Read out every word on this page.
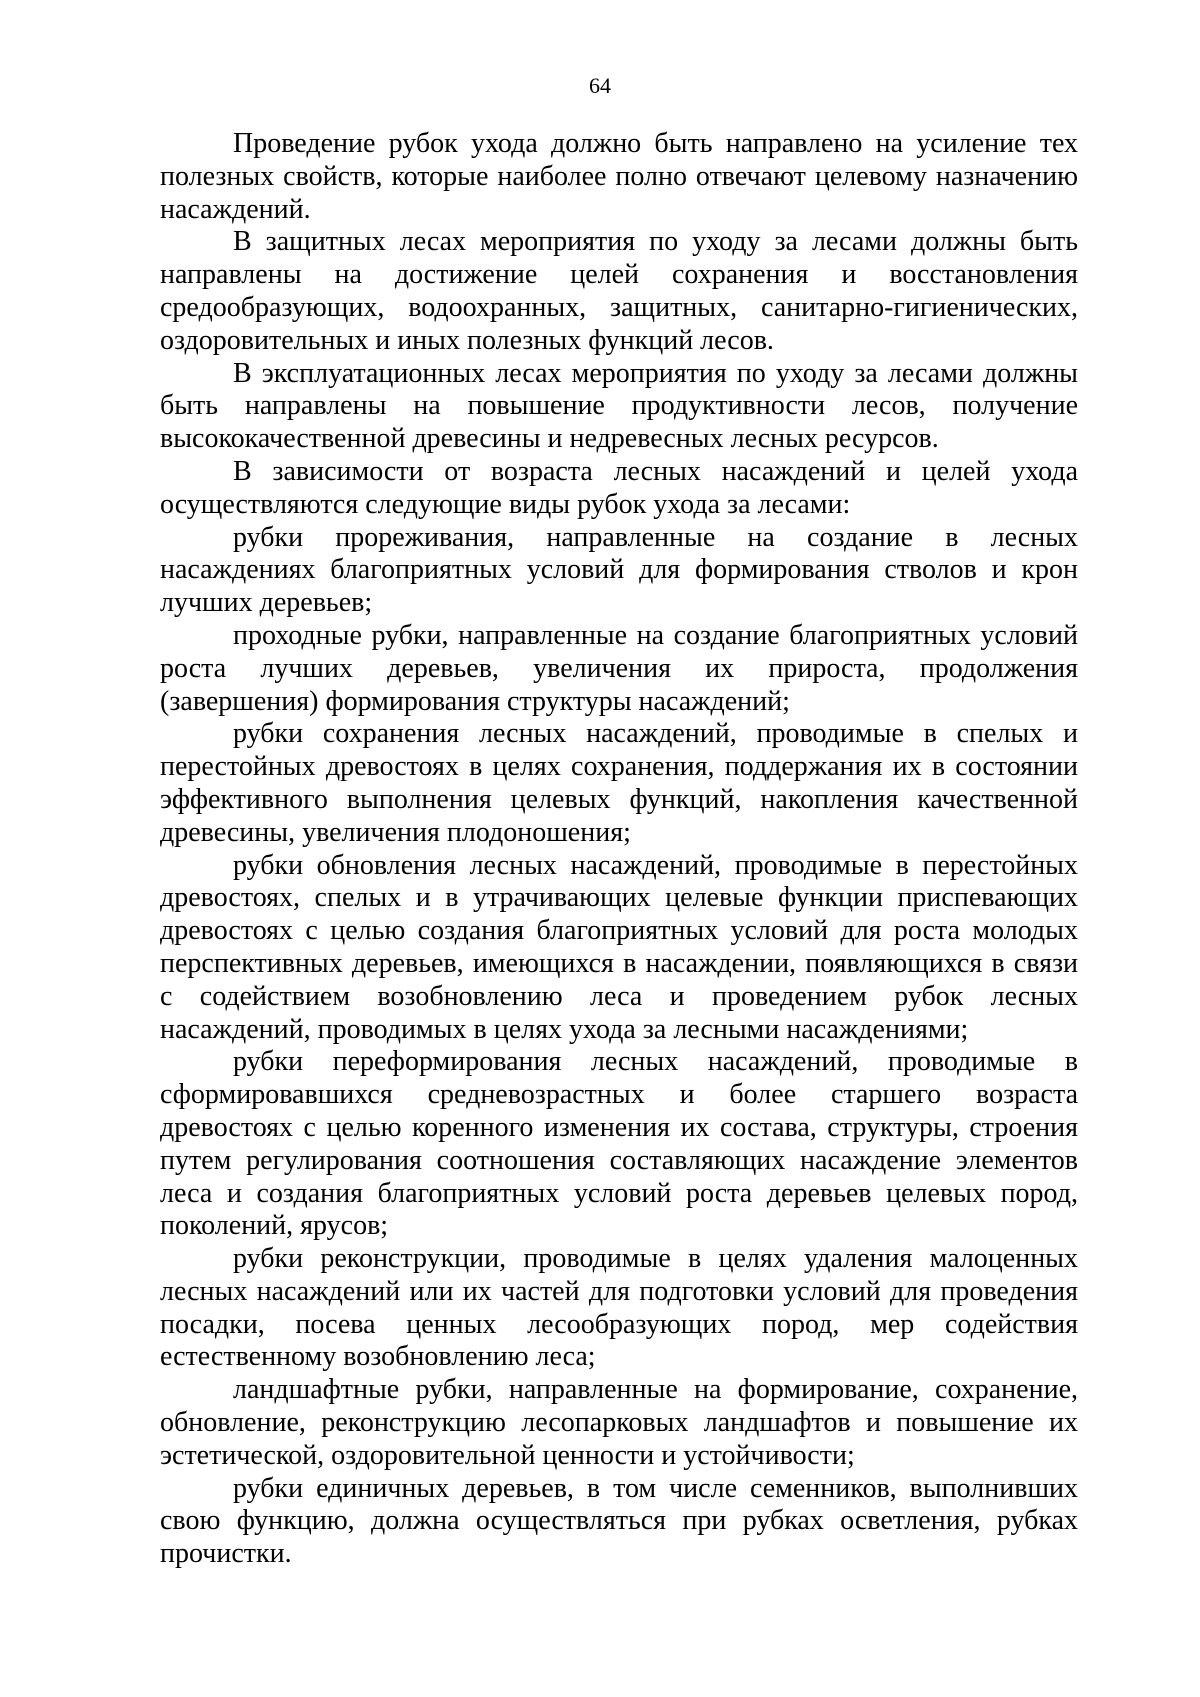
64

Проведение рубок ухода должно быть направлено на усиление тех полезных свойств, которые наиболее полно отвечают целевому назначению насаждений.

В защитных лесах мероприятия по уходу за лесами должны быть направлены на достижение целей сохранения и восстановления средообразующих, водоохранных, защитных, санитарно-гигиенических, оздоровительных и иных полезных функций лесов.

В эксплуатационных лесах мероприятия по уходу за лесами должны быть направлены на повышение продуктивности лесов, получение высококачественной древесины и недревесных лесных ресурсов.

В зависимости от возраста лесных насаждений и целей ухода осуществляются следующие виды рубок ухода за лесами:

рубки прореживания, направленные на создание в лесных насаждениях благоприятных условий для формирования стволов и крон лучших деревьев;

проходные рубки, направленные на создание благоприятных условий роста лучших деревьев, увеличения их прироста, продолжения (завершения) формирования структуры насаждений;

рубки сохранения лесных насаждений, проводимые в спелых и перестойных древостоях в целях сохранения, поддержания их в состоянии эффективного выполнения целевых функций, накопления качественной древесины, увеличения плодоношения;

рубки обновления лесных насаждений, проводимые в перестойных древостоях, спелых и в утрачивающих целевые функции приспевающих древостоях с целью создания благоприятных условий для роста молодых перспективных деревьев, имеющихся в насаждении, появляющихся в связи с содействием возобновлению леса и проведением рубок лесных насаждений, проводимых в целях ухода за лесными насаждениями;

рубки переформирования лесных насаждений, проводимые в сформировавшихся средневозрастных и более старшего возраста древостоях с целью коренного изменения их состава, структуры, строения путем регулирования соотношения составляющих насаждение элементов леса и создания благоприятных условий роста деревьев целевых пород, поколений, ярусов;

рубки реконструкции, проводимые в целях удаления малоценных лесных насаждений или их частей для подготовки условий для проведения посадки, посева ценных лесообразующих пород, мер содействия естественному возобновлению леса;

ландшафтные рубки, направленные на формирование, сохранение, обновление, реконструкцию лесопарковых ландшафтов и повышение их эстетической, оздоровительной ценности и устойчивости;

рубки единичных деревьев, в том числе семенников, выполнивших свою функцию, должна осуществляться при рубках осветления, рубках прочистки.
